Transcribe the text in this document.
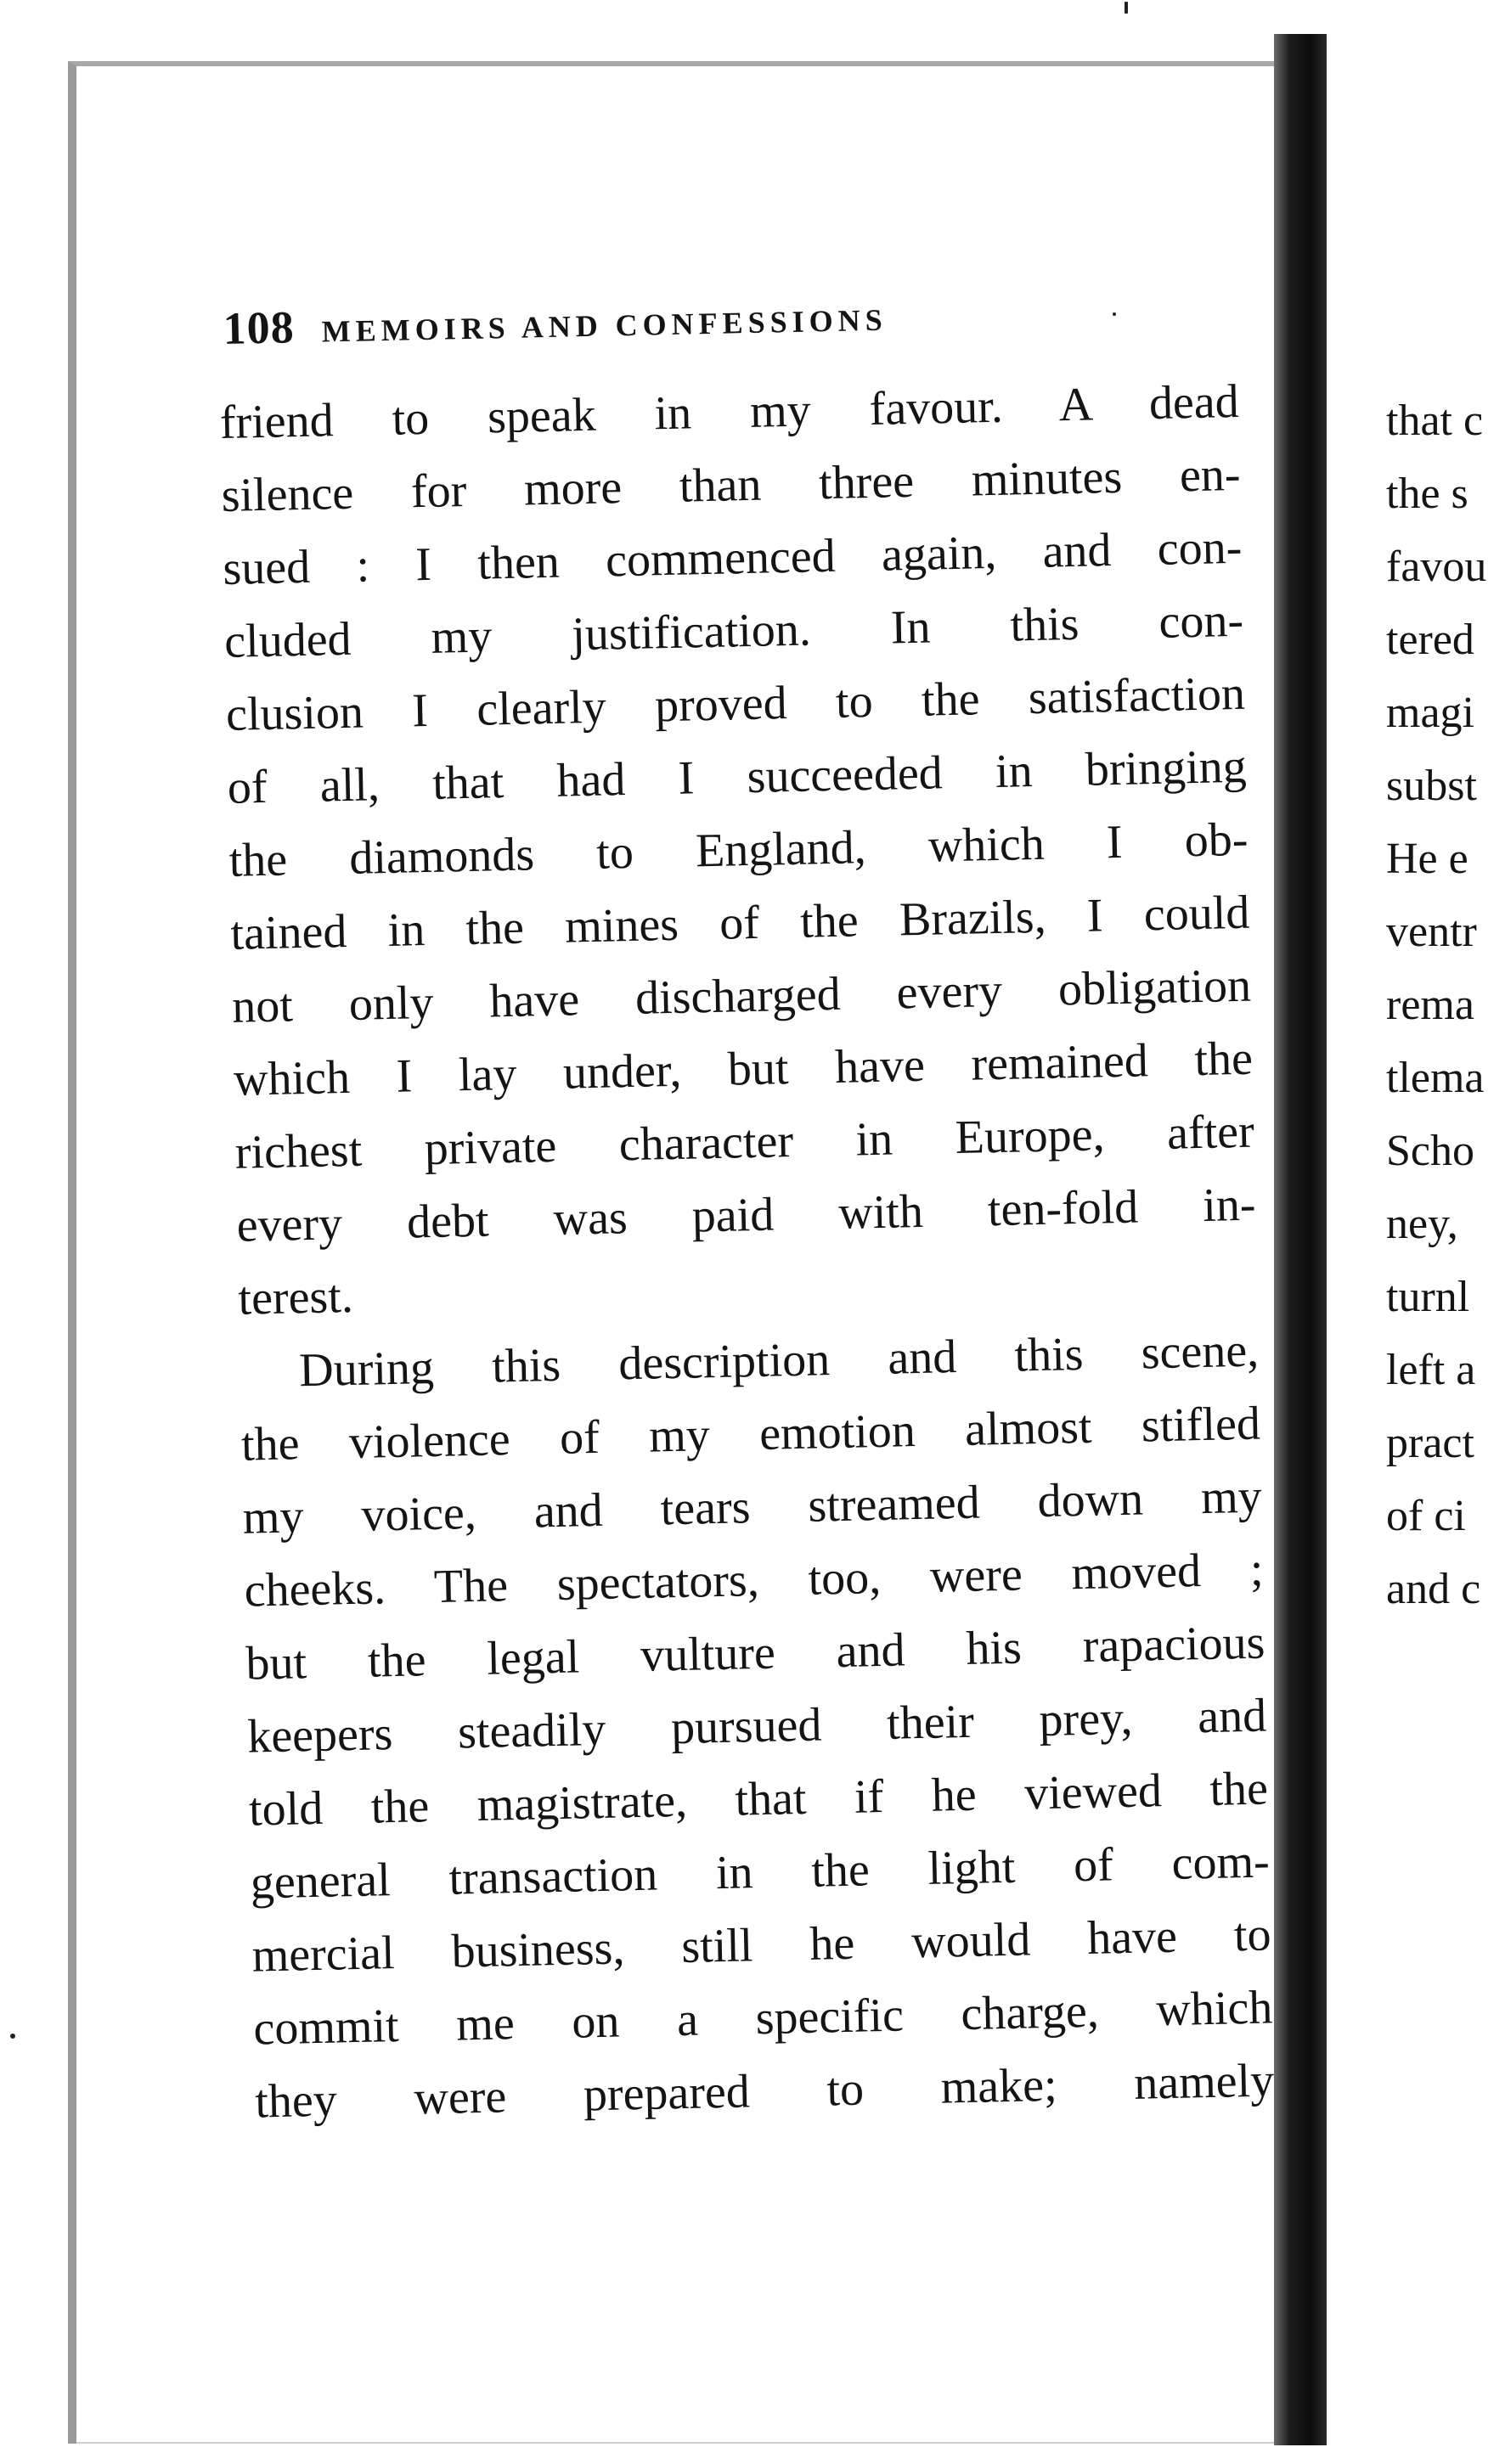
108 MEMOIRS AND CONFESSIONS
friend to speak in my favour. A dead
silence for more than three minutes en-
sued : I then commenced again, and con-
cluded my justification. In this con-
clusion I clearly proved to the satisfaction
of all, that had I succeeded in bringing
the diamonds to England, which I ob-
tained in the mines of the Brazils, I could
not only have discharged every obligation
which I lay under, but have remained the
richest private character in Europe, after
every debt was paid with ten-fold in-
terest.
During this description and this scene,
the violence of my emotion almost stifled
my voice, and tears streamed down my
cheeks. The spectators, too, were moved ;
but the legal vulture and his rapacious
keepers steadily pursued their prey, and
told the magistrate, that if he viewed the
general transaction in the light of com-
mercial business, still he would have to
commit me on a specific charge, which
they were prepared to make; namely
that c
the s
favou
tered
magi
subst
He e
ventr
rema
tlema
Scho
ney,
turnl
left a
pract
of ci
and c
